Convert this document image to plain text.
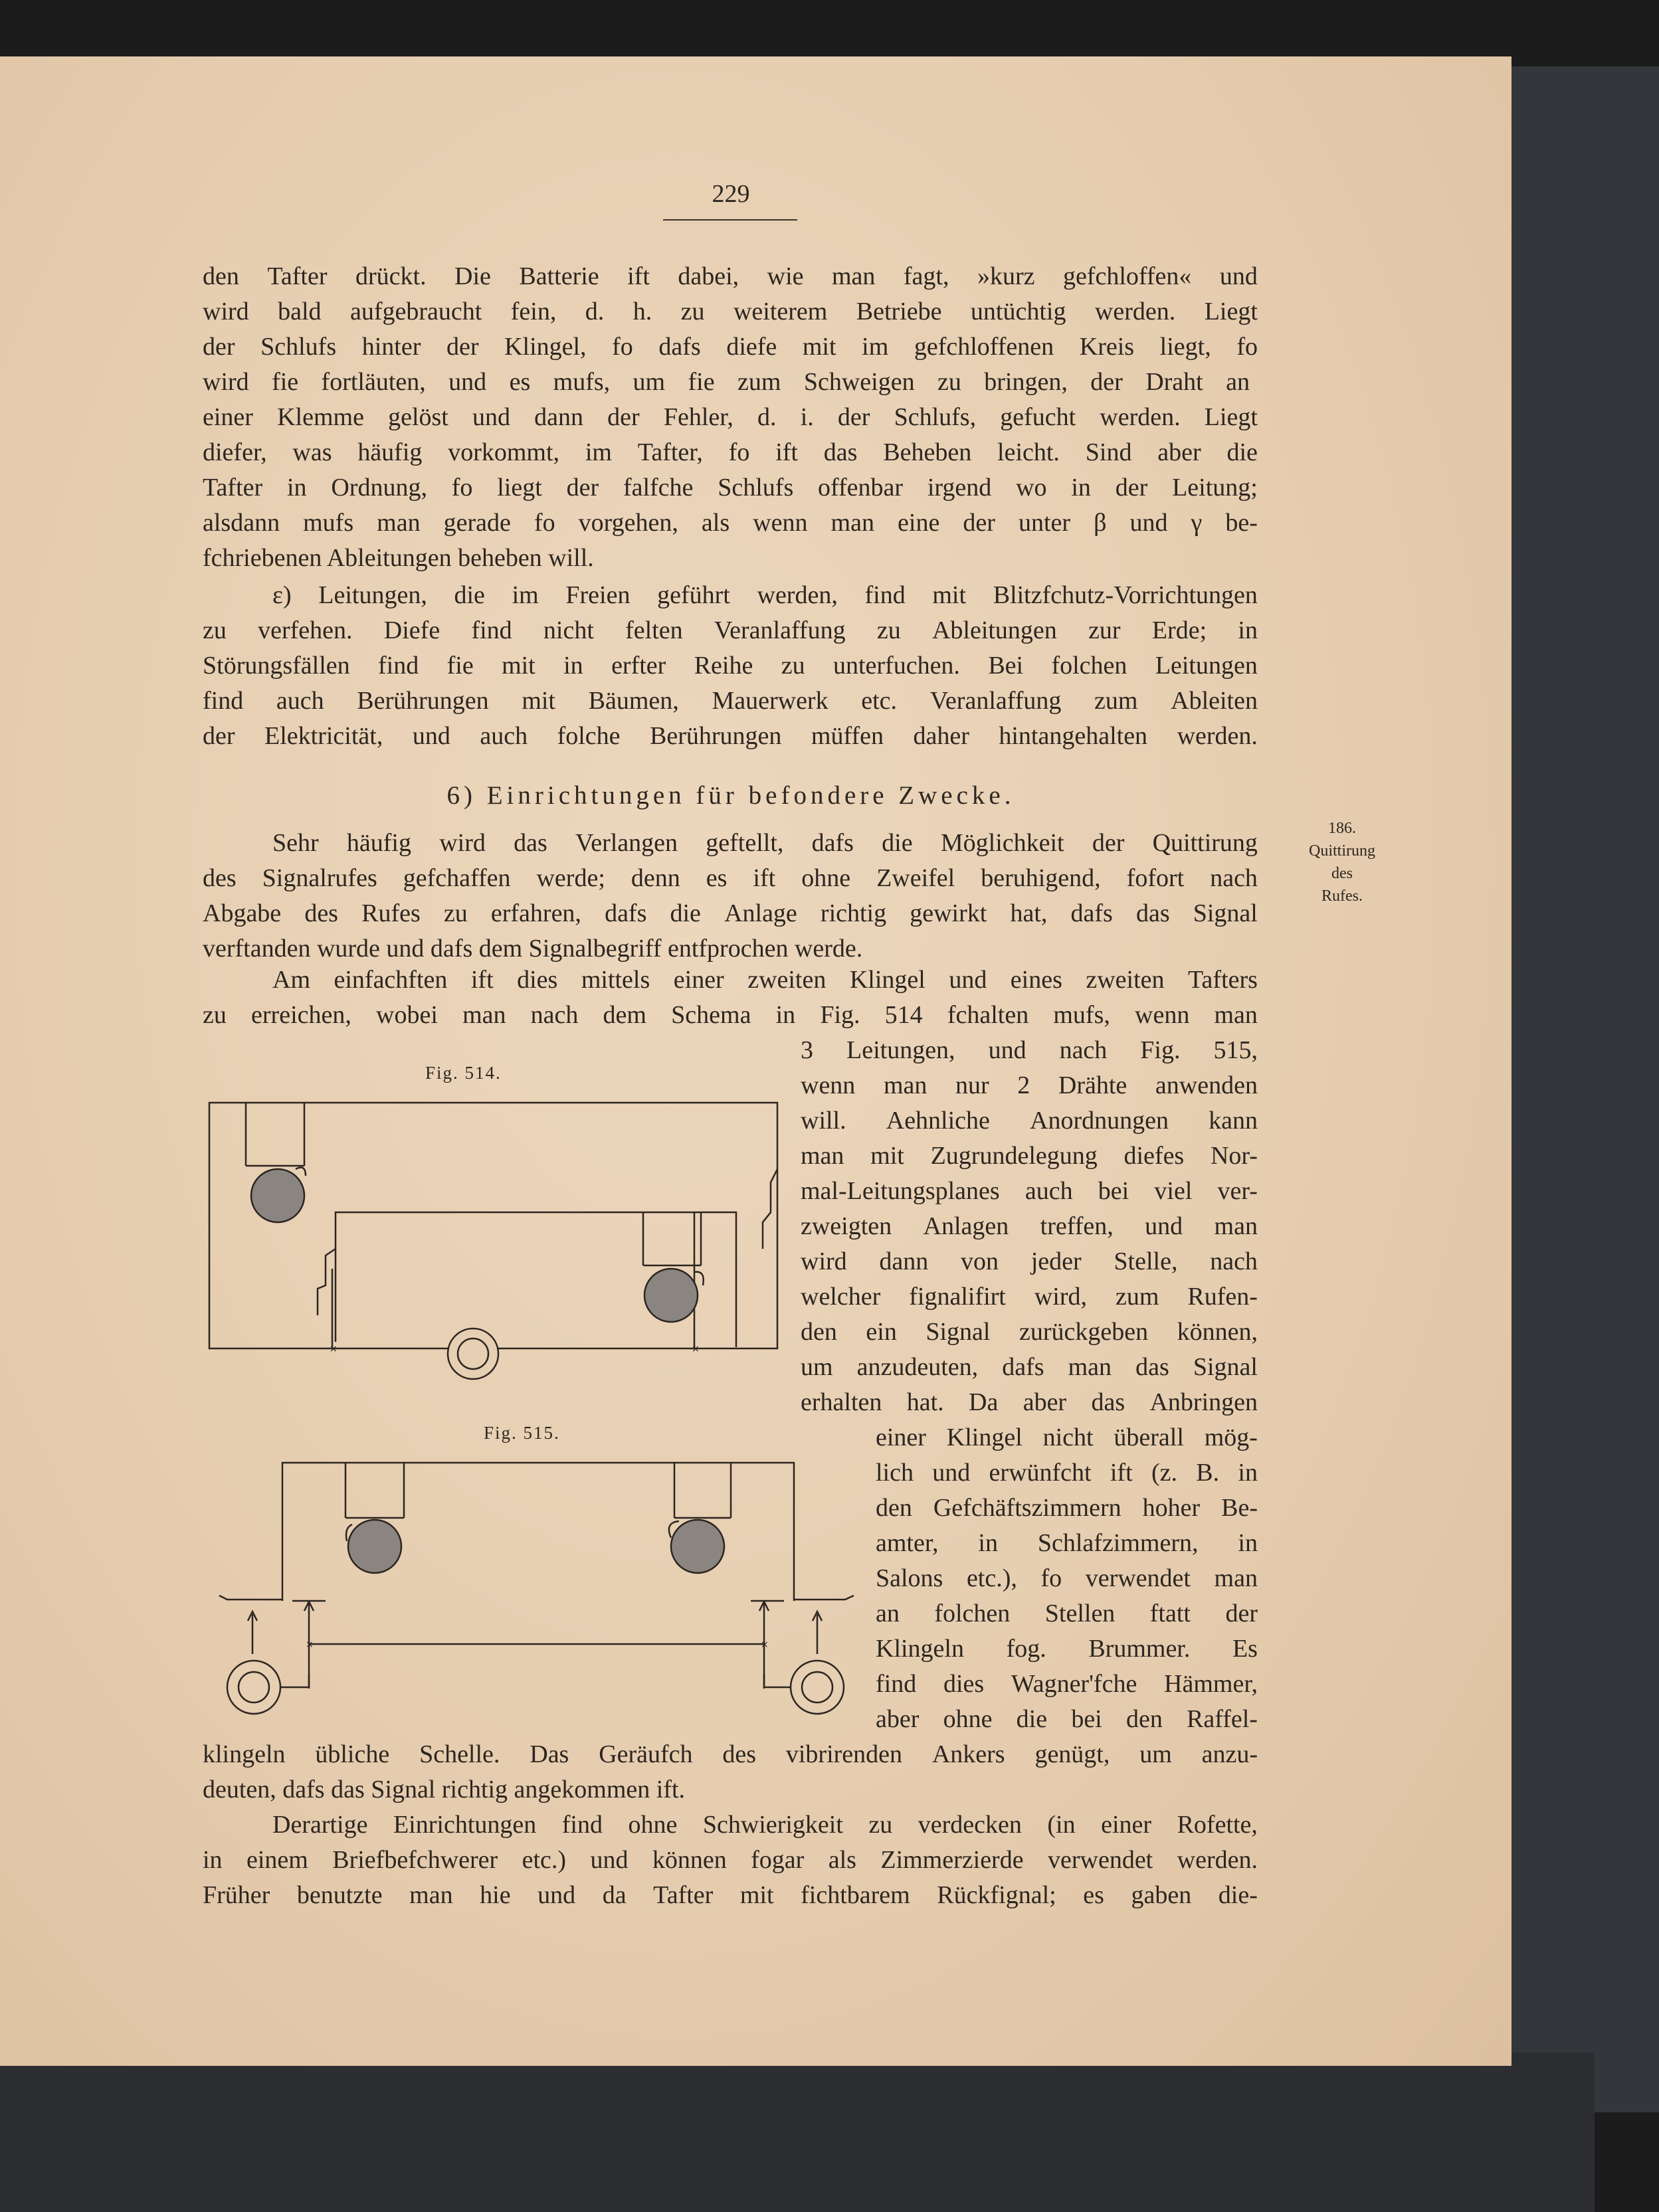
229
den Tafter drückt. Die Batterie ift dabei, wie man fagt, »kurz gefchloffen« und
wird bald aufgebraucht fein, d. h. zu weiterem Betriebe untüchtig werden. Liegt
der Schlufs hinter der Klingel, fo dafs diefe mit im gefchloffenen Kreis liegt, fo
wird fie fortläuten, und es mufs, um fie zum Schweigen zu bringen, der Draht an
einer Klemme gelöst und dann der Fehler, d. i. der Schlufs, gefucht werden. Liegt
diefer, was häufig vorkommt, im Tafter, fo ift das Beheben leicht. Sind aber die
Tafter in Ordnung, fo liegt der falfche Schlufs offenbar irgend wo in der Leitung;
alsdann mufs man gerade fo vorgehen, als wenn man eine der unter β und γ be-
fchriebenen Ableitungen beheben will.
ε) Leitungen, die im Freien geführt werden, find mit Blitzfchutz-Vorrichtungen
zu verfehen. Diefe find nicht felten Veranlaffung zu Ableitungen zur Erde; in
Störungsfällen find fie mit in erfter Reihe zu unterfuchen. Bei folchen Leitungen
find auch Berührungen mit Bäumen, Mauerwerk etc. Veranlaffung zum Ableiten
der Elektricität, und auch folche Berührungen müffen daher hintangehalten werden.
6) Einrichtungen für befondere Zwecke.
186.
Quittirung
des
Rufes.
Sehr häufig wird das Verlangen geftellt, dafs die Möglichkeit der Quittirung
des Signalrufes gefchaffen werde; denn es ift ohne Zweifel beruhigend, fofort nach
Abgabe des Rufes zu erfahren, dafs die Anlage richtig gewirkt hat, dafs das Signal
verftanden wurde und dafs dem Signalbegriff entfprochen werde.
Am einfachften ift dies mittels einer zweiten Klingel und eines zweiten Tafters
zu erreichen, wobei man nach dem Schema in Fig. 514 fchalten mufs, wenn man
3 Leitungen, und nach Fig. 515,
wenn man nur 2 Drähte anwenden
will. Aehnliche Anordnungen kann
man mit Zugrundelegung diefes Nor-
mal-Leitungsplanes auch bei viel ver-
zweigten Anlagen treffen, und man
wird dann von jeder Stelle, nach
welcher fignalifirt wird, zum Rufen-
den ein Signal zurückgeben können,
um anzudeuten, dafs man das Signal
erhalten hat. Da aber das Anbringen
einer Klingel nicht überall mög-
lich und erwünfcht ift (z. B. in
den Gefchäftszimmern hoher Be-
amter, in Schlafzimmern, in
Salons etc.), fo verwendet man
an folchen Stellen ftatt der
Klingeln fog. Brummer. Es
find dies Wagner'fche Hämmer,
aber ohne die bei den Raffel-
klingeln übliche Schelle. Das Geräufch des vibrirenden Ankers genügt, um anzu-
deuten, dafs das Signal richtig angekommen ift.
Derartige Einrichtungen find ohne Schwierigkeit zu verdecken (in einer Rofette,
in einem Briefbefchwerer etc.) und können fogar als Zimmerzierde verwendet werden.
Früher benutzte man hie und da Tafter mit fichtbarem Rückfignal; es gaben die-
Fig. 514.
×	×
Fig. 515.
×	×
